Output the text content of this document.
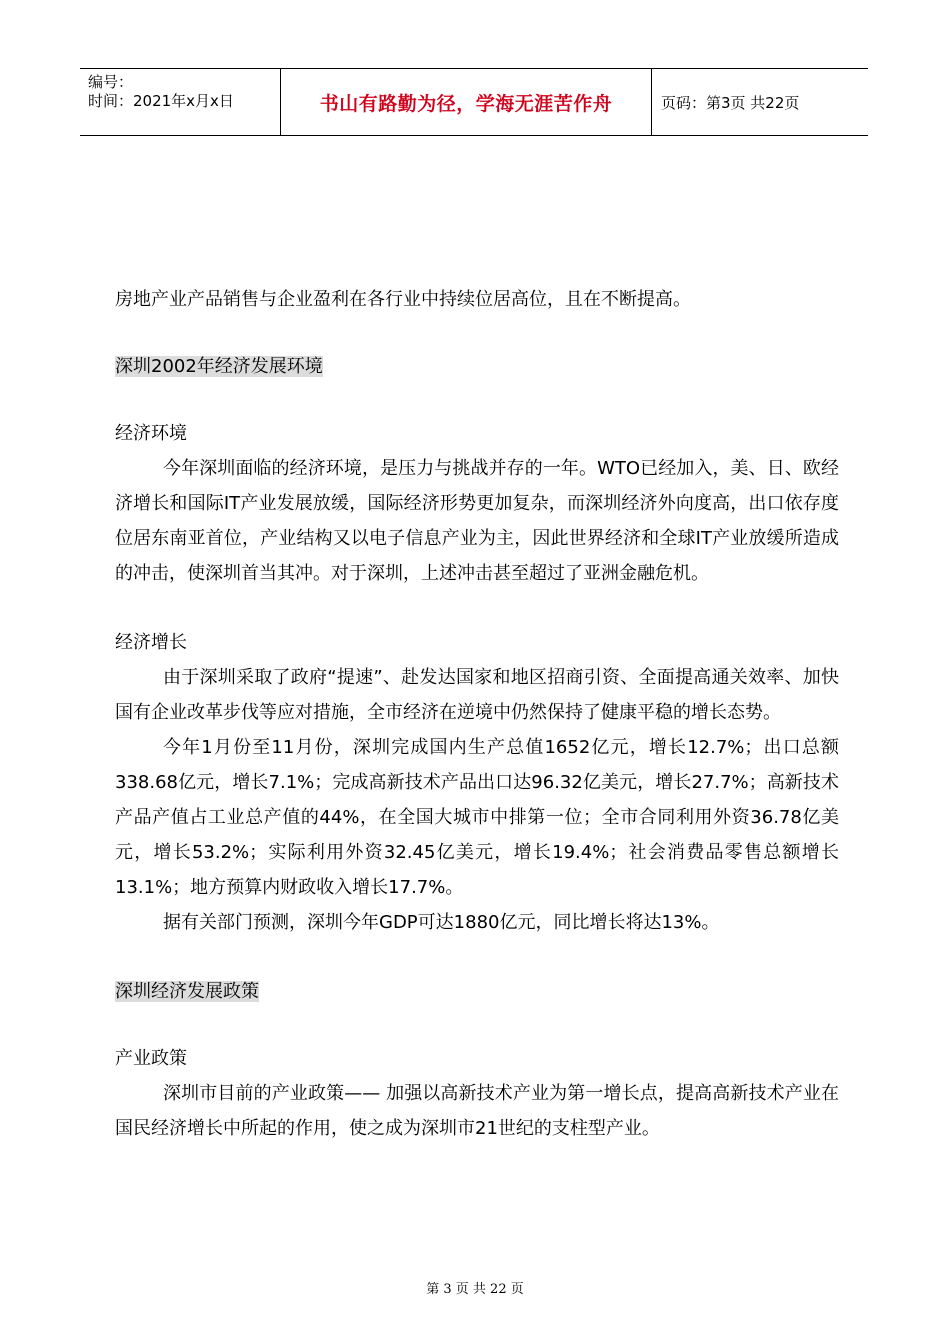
编号：
时间：2021年x月x日	书山有路勤为径，学海无涯苦作舟	页码：第3页 共22页

房地产业产品销售与企业盈利在各行业中持续位居高位，且在不断提高。

深圳2002年经济发展环境

经济环境

今年深圳面临的经济环境，是压力与挑战并存的一年。WTO已经加入，美、日、欧经济增长和国际IT产业发展放缓，国际经济形势更加复杂，而深圳经济外向度高，出口依存度位居东南亚首位，产业结构又以电子信息产业为主，因此世界经济和全球IT产业放缓所造成的冲击，使深圳首当其冲。对于深圳，上述冲击甚至超过了亚洲金融危机。

经济增长

由于深圳采取了政府“提速”、赴发达国家和地区招商引资、全面提高通关效率、加快国有企业改革步伐等应对措施，全市经济在逆境中仍然保持了健康平稳的增长态势。

今年1月份至11月份，深圳完成国内生产总值1652亿元，增长12.7%；出口总额338.68亿元，增长7.1%；完成高新技术产品出口达96.32亿美元，增长27.7%；高新技术产品产值占工业总产值的44%，在全国大城市中排第一位；全市合同利用外资36.78亿美元，增长53.2%；实际利用外资32.45亿美元，增长19.4%；社会消费品零售总额增长13.1%；地方预算内财政收入增长17.7%。

据有关部门预测，深圳今年GDP可达1880亿元，同比增长将达13%。

深圳经济发展政策

产业政策

深圳市目前的产业政策—— 加强以高新技术产业为第一增长点，提高高新技术产业在国民经济增长中所起的作用，使之成为深圳市21世纪的支柱型产业。

第 3 页 共 22 页
